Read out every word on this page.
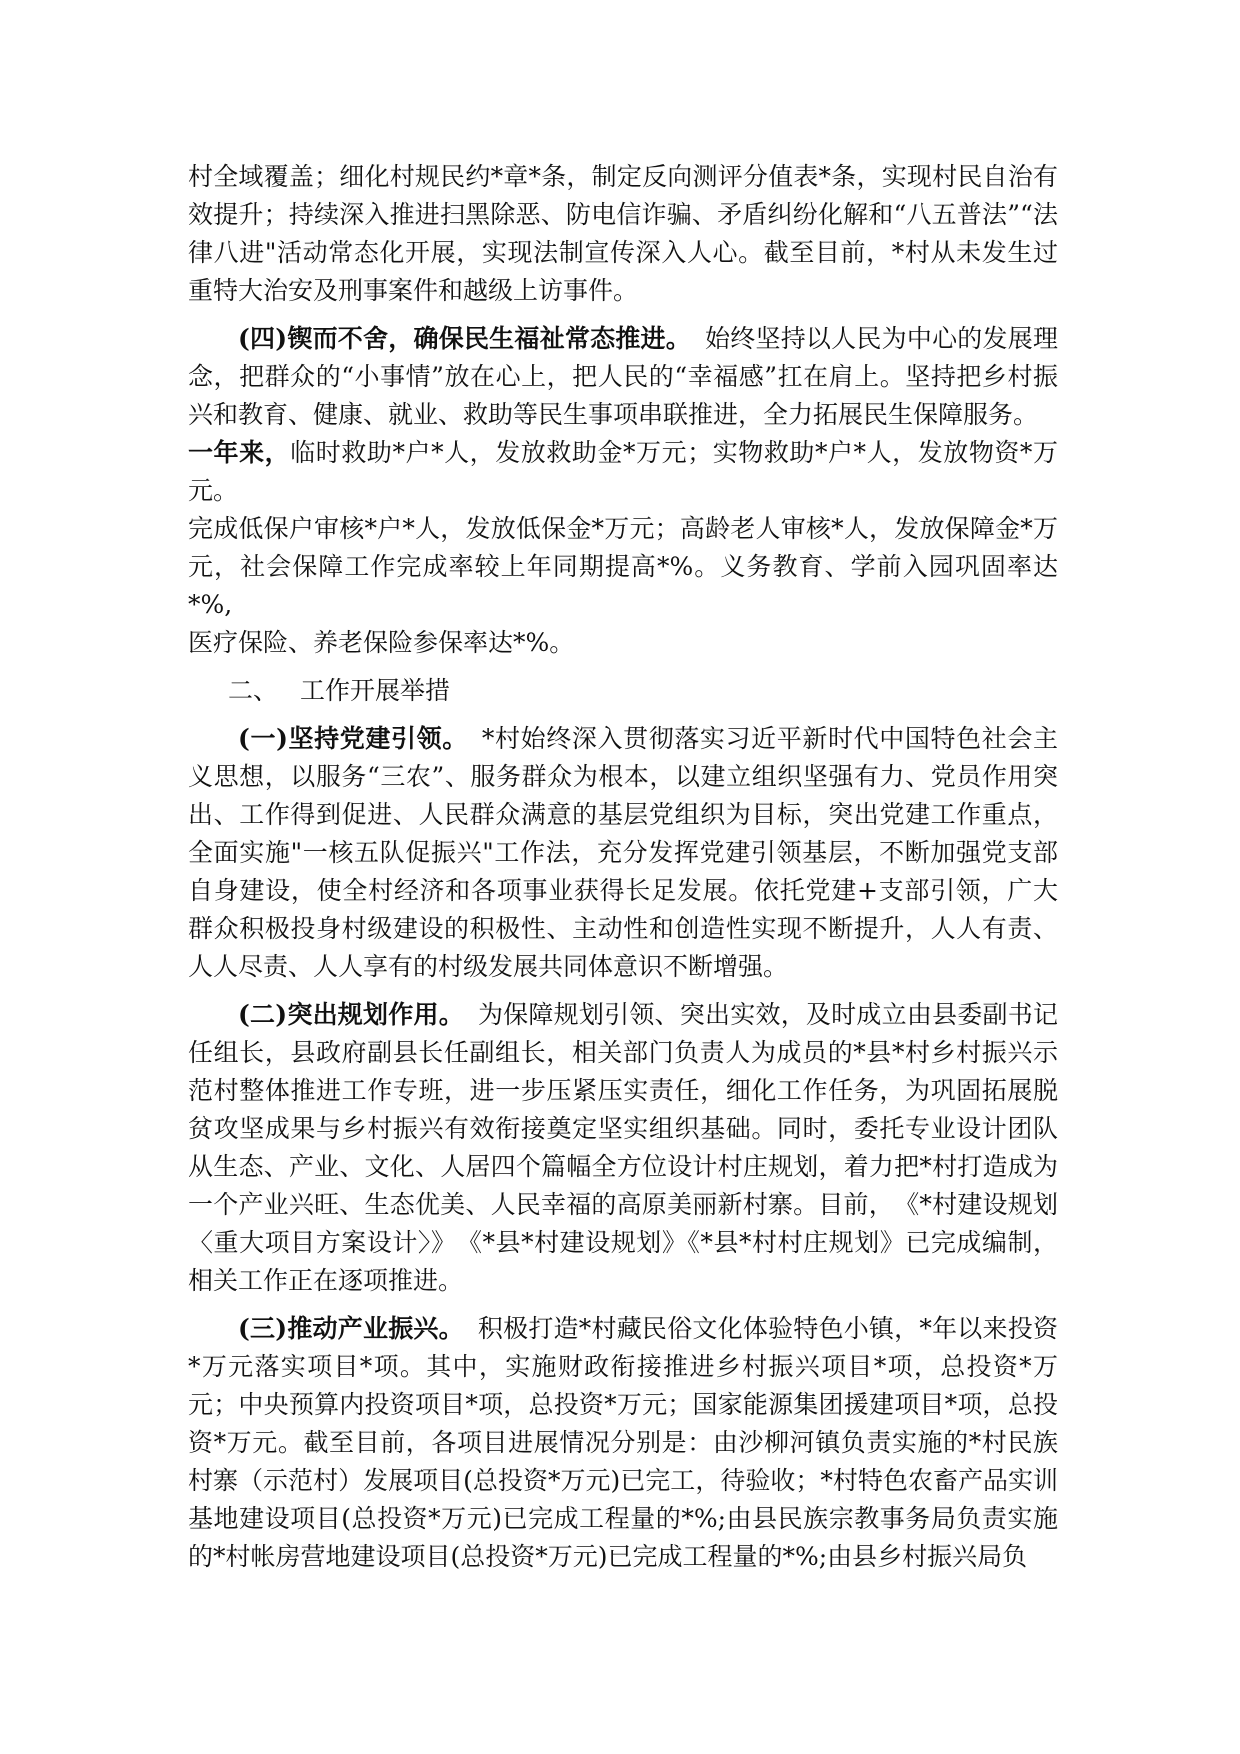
村全域覆盖；细化村规民约*章*条，制定反向测评分值表*条，实现村民自治有效提升；持续深入推进扫黑除恶、防电信诈骗、矛盾纠纷化解和“八五普法”“法律八进"活动常态化开展，实现法制宣传深入人心。截至目前，*村从未发生过重特大治安及刑事案件和越级上访事件。

(四)锲而不舍，确保民生福祉常态推进。 始终坚持以人民为中心的发展理念，把群众的“小事情”放在心上，把人民的“幸福感”扛在肩上。坚持把乡村振兴和教育、健康、就业、救助等民生事项串联推进，全力拓展民生保障服务。
一年来，临时救助*户*人，发放救助金*万元；实物救助*户*人，发放物资*万元。
完成低保户审核*户*人，发放低保金*万元；高龄老人审核*人，发放保障金*万　元，社会保障工作完成率较上年同期提高*%。义务教育、学前入园巩固率达*%,
医疗保险、养老保险参保率达*%。

二、 工作开展举措

(一)坚持党建引领。 *村始终深入贯彻落实习近平新时代中国特色社会主义思想，以服务“三农”、服务群众为根本，以建立组织坚强有力、党员作用突出、工作得到促进、人民群众满意的基层党组织为目标，突出党建工作重点，全面实施"一核五队促振兴"工作法，充分发挥党建引领基层，不断加强党支部自身建设，使全村经济和各项事业获得长足发展。依托党建+支部引领，广大群众积极投身村级建设的积极性、主动性和创造性实现不断提升，人人有责、人人尽责、人人享有的村级发展共同体意识不断增强。

(二)突出规划作用。 为保障规划引领、突出实效，及时成立由县委副书记任组长，县政府副县长任副组长，相关部门负责人为成员的*县*村乡村振兴示范村整体推进工作专班，进一步压紧压实责任，细化工作任务，为巩固拓展脱贫攻坚成果与乡村振兴有效衔接奠定坚实组织基础。同时，委托专业设计团队从生态、产业、文化、人居四个篇幅全方位设计村庄规划，着力把*村打造成为一个产业兴旺、生态优美、人民幸福的高原美丽新村寨。目前，　《*村建设规划〈重大项目方案设计〉》　《*县*村建设规划》《*县*村村庄规划》已完成编制，相关工作正在逐项推进。

(三)推动产业振兴。 积极打造*村藏民俗文化体验特色小镇，*年以来投资*万元落实项目*项。其中，实施财政衔接推进乡村振兴项目*项，总投资*万元；中央预算内投资项目*项，总投资*万元；国家能源集团援建项目*项，总投资*万元。截至目前，各项目进展情况分别是：由沙柳河镇负责实施的*村民族村寨（示范村）发展项目(总投资*万元)已完工，待验收；*村特色农畜产品实训基地建设项目(总投资*万元)已完成工程量的*%;由县民族宗教事务局负责实施的*村帐房营地建设项目(总投资*万元)已完成工程量的*%;由县乡村振兴局负
